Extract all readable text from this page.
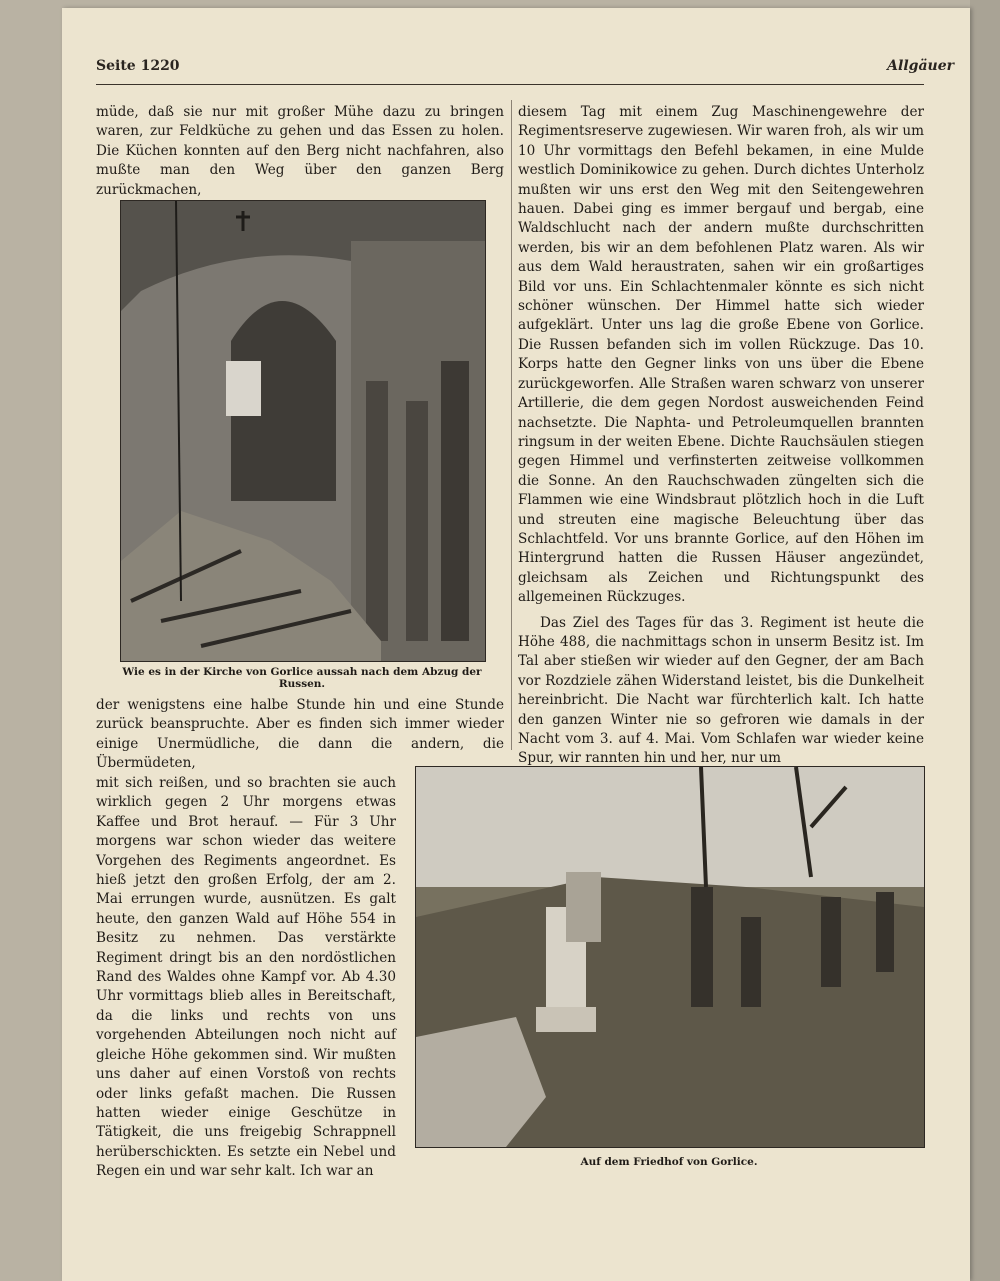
Seite 1220	Allgäuer

müde, daß sie nur mit großer Mühe dazu zu bringen waren, zur Feldküche zu gehen und das Essen zu holen. Die Küchen konnten auf den Berg nicht nachfahren, also mußte man den Weg über den ganzen Berg zurückmachen,

Wie es in der Kirche von Gorlice aussah nach dem Abzug der Russen.

der wenigstens eine halbe Stunde hin und eine Stunde zurück beanspruchte. Aber es finden sich immer wieder einige Unermüdliche, die dann die andern, die Übermüdeten,

mit sich reißen, und so brachten sie auch wirklich gegen 2 Uhr morgens etwas Kaffee und Brot herauf. — Für 3 Uhr morgens war schon wieder das weitere Vorgehen des Regiments angeordnet. Es hieß jetzt den großen Erfolg, der am 2. Mai errungen wurde, ausnützen. Es galt heute, den ganzen Wald auf Höhe 554 in Besitz zu nehmen. Das verstärkte Regiment dringt bis an den nordöstlichen Rand des Waldes ohne Kampf vor. Ab 4.30 Uhr vormittags blieb alles in Bereitschaft, da die links und rechts von uns vorgehenden Abteilungen noch nicht auf gleiche Höhe gekommen sind. Wir mußten uns daher auf einen Vorstoß von rechts oder links gefaßt machen. Die Russen hatten wieder einige Geschütze in Tätigkeit, die uns freigebig Schrappnell herüberschickten. Es setzte ein Nebel und Regen ein und war sehr kalt. Ich war an

diesem Tag mit einem Zug Maschinengewehre der Regimentsreserve zugewiesen. Wir waren froh, als wir um 10 Uhr vormittags den Befehl bekamen, in eine Mulde westlich Dominikowice zu gehen. Durch dichtes Unterholz mußten wir uns erst den Weg mit den Seitengewehren hauen. Dabei ging es immer bergauf und bergab, eine Waldschlucht nach der andern mußte durchschritten werden, bis wir an dem befohlenen Platz waren. Als wir aus dem Wald heraustraten, sahen wir ein großartiges Bild vor uns. Ein Schlachtenmaler könnte es sich nicht schöner wünschen. Der Himmel hatte sich wieder aufgeklärt. Unter uns lag die große Ebene von Gorlice. Die Russen befanden sich im vollen Rückzuge. Das 10. Korps hatte den Gegner links von uns über die Ebene zurückgeworfen. Alle Straßen waren schwarz von unserer Artillerie, die dem gegen Nordost ausweichenden Feind nachsetzte. Die Naphta- und Petroleumquellen brannten ringsum in der weiten Ebene. Dichte Rauchsäulen stiegen gegen Himmel und verfinsterten zeitweise vollkommen die Sonne. An den Rauchschwaden züngelten sich die Flammen wie eine Windsbraut plötzlich hoch in die Luft und streuten eine magische Beleuchtung über das Schlachtfeld. Vor uns brannte Gorlice, auf den Höhen im Hintergrund hatten die Russen Häuser angezündet, gleichsam als Zeichen und Richtungspunkt des allgemeinen Rückzuges.

Das Ziel des Tages für das 3. Regiment ist heute die Höhe 488, die nachmittags schon in unserm Besitz ist. Im Tal aber stießen wir wieder auf den Gegner, der am Bach vor Rozdziele zähen Widerstand leistet, bis die Dunkelheit hereinbricht. Die Nacht war fürchterlich kalt. Ich hatte den ganzen Winter nie so gefroren wie damals in der Nacht vom 3. auf 4. Mai. Vom Schlafen war wieder keine Spur, wir rannten hin und her, nur um

Auf dem Friedhof von Gorlice.
